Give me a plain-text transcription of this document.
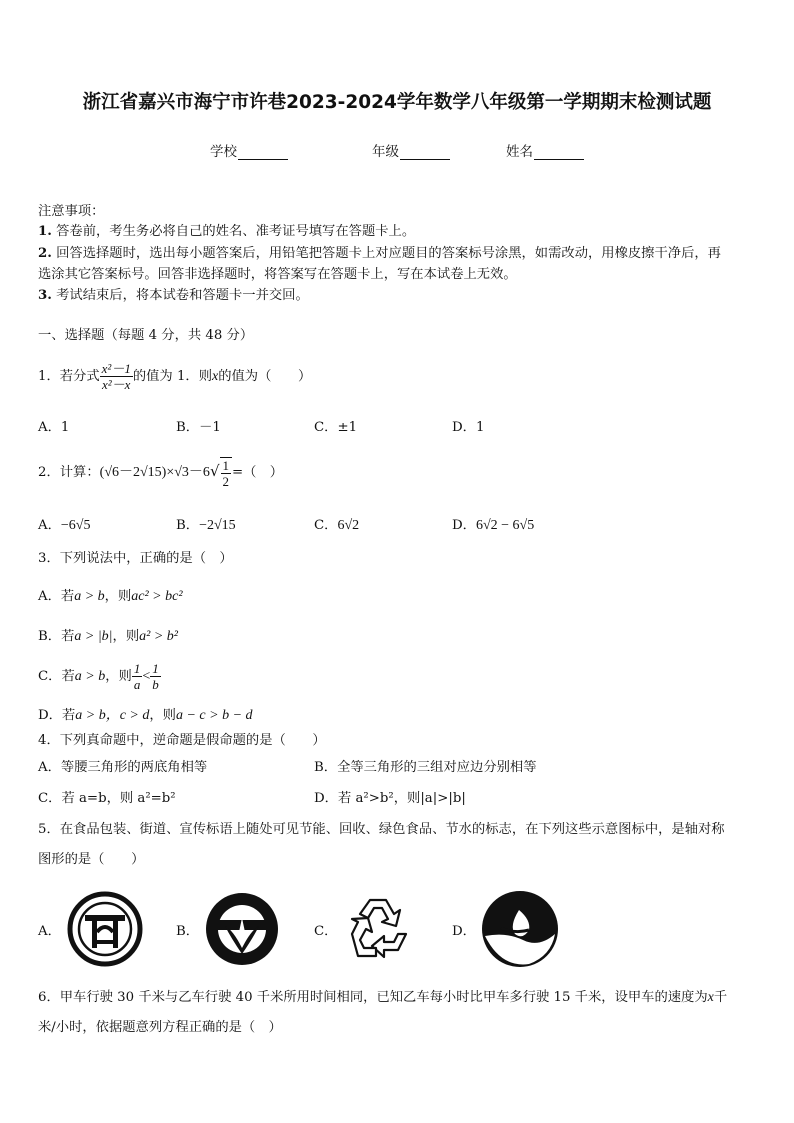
浙江省嘉兴市海宁市许巷2023-2024学年数学八年级第一学期期末检测试题
学校	年级	姓名
注意事项：
1. 答卷前，考生务必将自己的姓名、准考证号填写在答题卡上。
2. 回答选择题时，选出每小题答案后，用铅笔把答题卡上对应题目的答案标号涂黑，如需改动，用橡皮擦干净后，再
选涂其它答案标号。回答非选择题时，将答案写在答题卡上，写在本试卷上无效。
3. 考试结束后，将本试卷和答题卡一并交回。
一、选择题（每题 4 分，共 48 分）
1．若分式 $\frac{\text{x²－1}}{\text{x²－x}}$ 的值为 1．则x的值为（　　）
A．1	B．－1	C．±1	D．1
2．计算：$(√6-2√15)\times√3-6√ \frac{1}{2}$ =（　）
A．−6√5	B．−2√15	C．6√2	D．6√2 − 6√5
3．下列说法中，正确的是（　）
A．若a > b，则ac² > bc²
B．若a > |b|，则a² > b²
C．若a > b，则 $\frac{1}{a} < \frac{1}{b}$
D．若a > b，c > d，则a − c > b − d
4．下列真命题中，逆命题是假命题的是（　　）
A．等腰三角形的两底角相等	B．全等三角形的三组对应边分别相等
C．若 a=b，则 a²=b²	D．若 a²>b²，则|a|>|b|
5．在食品包装、街道、宣传标语上随处可见节能、回收、绿色食品、节水的标志，在下列这些示意图标中，是轴对称
图形的是（　　）
A．	B．	C．	D．
6．甲车行驶 30 千米与乙车行驶 40 千米所用时间相同，已知乙车每小时比甲车多行驶 15 千米，设甲车的速度为x千
米/小时，依据题意列方程正确的是（　）
